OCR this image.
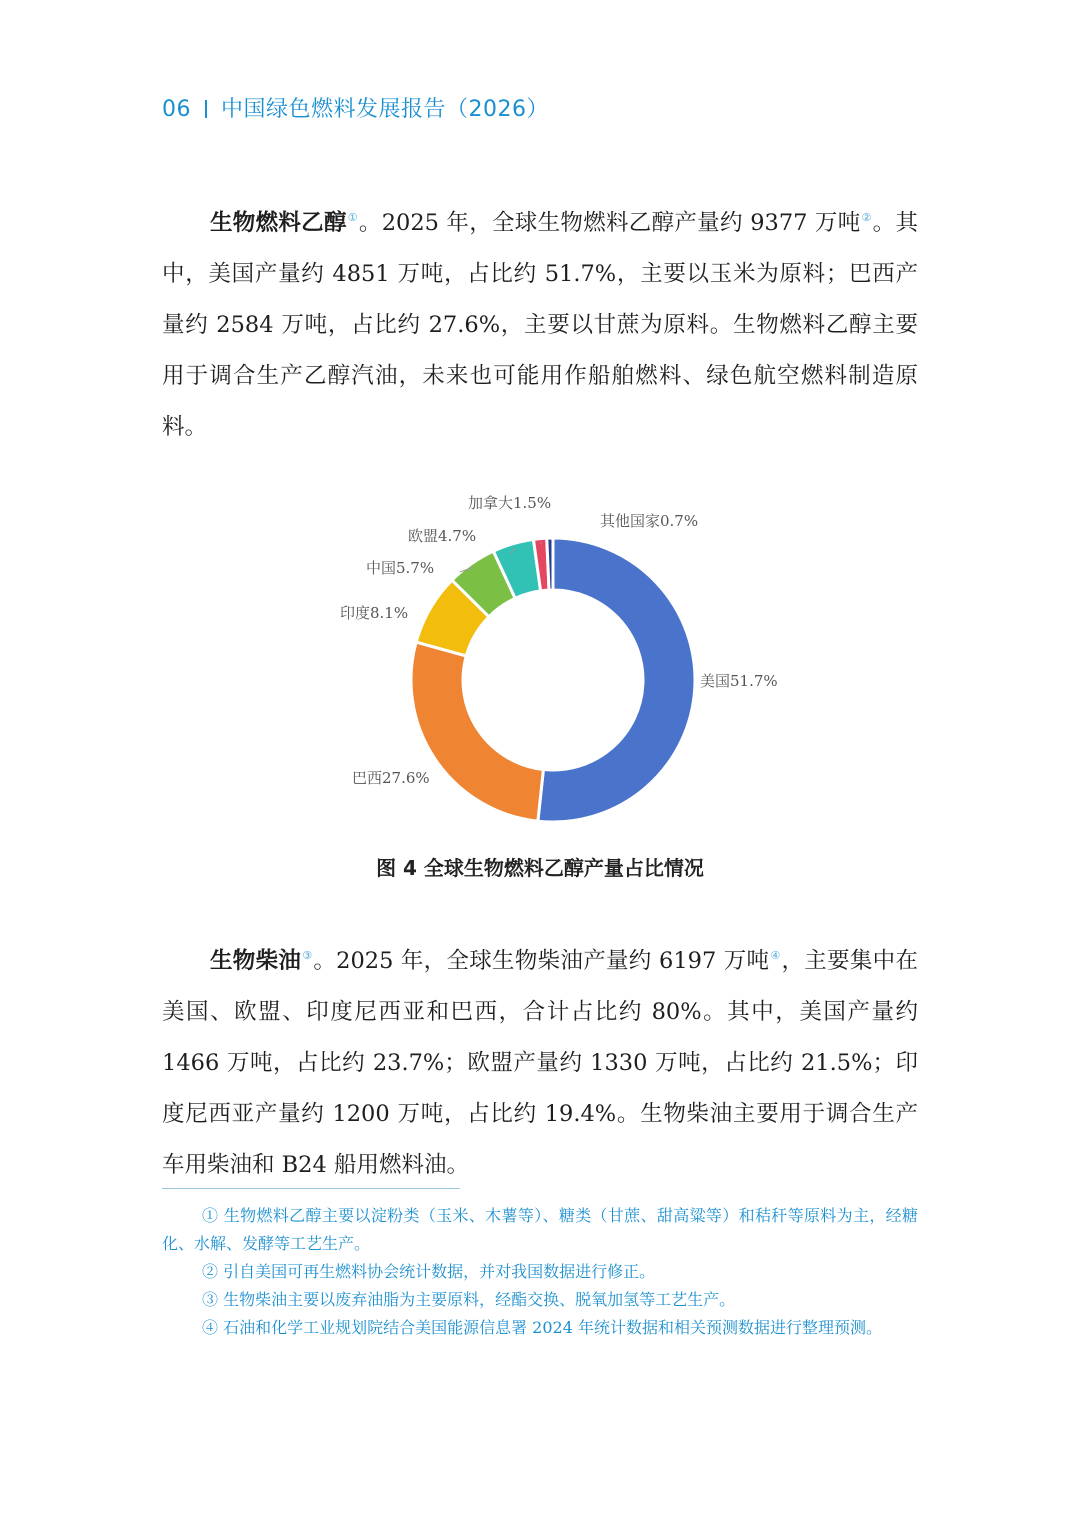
06 中国绿色燃料发展报告（2026）

生物燃料乙醇①。2025 年，全球生物燃料乙醇产量约 9377 万吨②。其中，美国产量约 4851 万吨，占比约 51.7%，主要以玉米为原料；巴西产量约 2584 万吨，占比约 27.6%，主要以甘蔗为原料。生物燃料乙醇主要用于调合生产乙醇汽油，未来也可能用作船舶燃料、绿色航空燃料制造原料。

美国51.7%
巴西27.6%
印度8.1%
中国5.7%
欧盟4.7%
加拿大1.5%
其他国家0.7%
图 4 全球生物燃料乙醇产量占比情况

生物柴油③。2025 年，全球生物柴油产量约 6197 万吨④，主要集中在美国、欧盟、印度尼西亚和巴西，合计占比约 80%。其中，美国产量约 1466 万吨，占比约 23.7%；欧盟产量约 1330 万吨，占比约 21.5%；印度尼西亚产量约 1200 万吨，占比约 19.4%。生物柴油主要用于调合生产车用柴油和 B24 船用燃料油。

① 生物燃料乙醇主要以淀粉类（玉米、木薯等）、糖类（甘蔗、甜高粱等）和秸秆等原料为主，经糖化、水解、发酵等工艺生产。
② 引自美国可再生燃料协会统计数据，并对我国数据进行修正。
③ 生物柴油主要以废弃油脂为主要原料，经酯交换、脱氧加氢等工艺生产。
④ 石油和化学工业规划院结合美国能源信息署 2024 年统计数据和相关预测数据进行整理预测。
